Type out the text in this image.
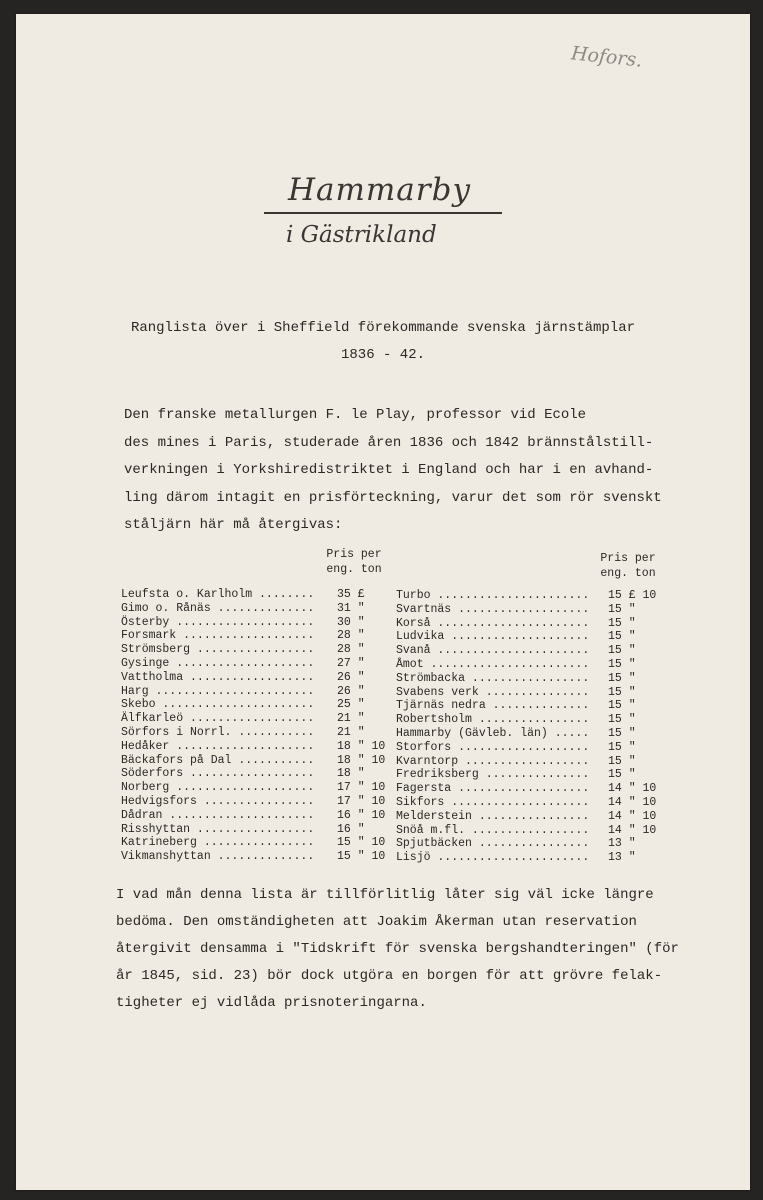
Hofors.
Hammarby
i Gästrikland
Ranglista över i Sheffield förekommande svenska järnstämplar
1836 - 42.
Den franske metallurgen F. le Play, professor vid Ecole
des mines i Paris, studerade åren 1836 och 1842 brännstålstill-
verkningen i Yorkshiredistriktet i England och har i en avhand-
ling därom intagit en prisförteckning, varur det som rör svenskt
ståljärn här må återgivas:
Pris per
eng. ton
Pris per
eng. ton
Leufsta o. Karlholm ........ 35 £
Gimo o. Rånäs .............. 31 "
Österby .................... 30 "
Forsmark ................... 28 "
Strömsberg ................. 28 "
Gysinge .................... 27 "
Vattholma .................. 26 "
Harg ....................... 26 "
Skebo ...................... 25 "
Älfkarleö .................. 21 "
Sörfors i Norrl. ........... 21 "
Hedåker .................... 18 " 10
Bäckafors på Dal ........... 18 " 10
Söderfors .................. 18 "
Norberg .................... 17 " 10
Hedvigsfors ................ 17 " 10
Dådran ..................... 16 " 10
Risshyttan ................. 16 "
Katrineberg ................ 15 " 10
Vikmanshyttan .............. 15 " 10
Turbo ...................... 15 £ 10
Svartnäs ................... 15 "
Korså ...................... 15 "
Ludvika .................... 15 "
Svanå ...................... 15 "
Åmot ....................... 15 "
Strömbacka ................. 15 "
Svabens verk ............... 15 "
Tjärnäs nedra .............. 15 "
Robertsholm ................ 15 "
Hammarby (Gävleb. län) ..... 15 "
Storfors ................... 15 "
Kvarntorp .................. 15 "
Fredriksberg ............... 15 "
Fagersta ................... 14 " 10
Sikfors .................... 14 " 10
Melderstein ................ 14 " 10
Snöå m.fl. ................. 14 " 10
Spjutbäcken ................ 13 "
Lisjö ...................... 13 "
I vad mån denna lista är tillförlitlig låter sig väl icke längre
bedöma. Den omständigheten att Joakim Åkerman utan reservation
återgivit densamma i "Tidskrift för svenska bergshandteringen" (för
år 1845, sid. 23) bör dock utgöra en borgen för att grövre felak-
tigheter ej vidlåda prisnoteringarna.
